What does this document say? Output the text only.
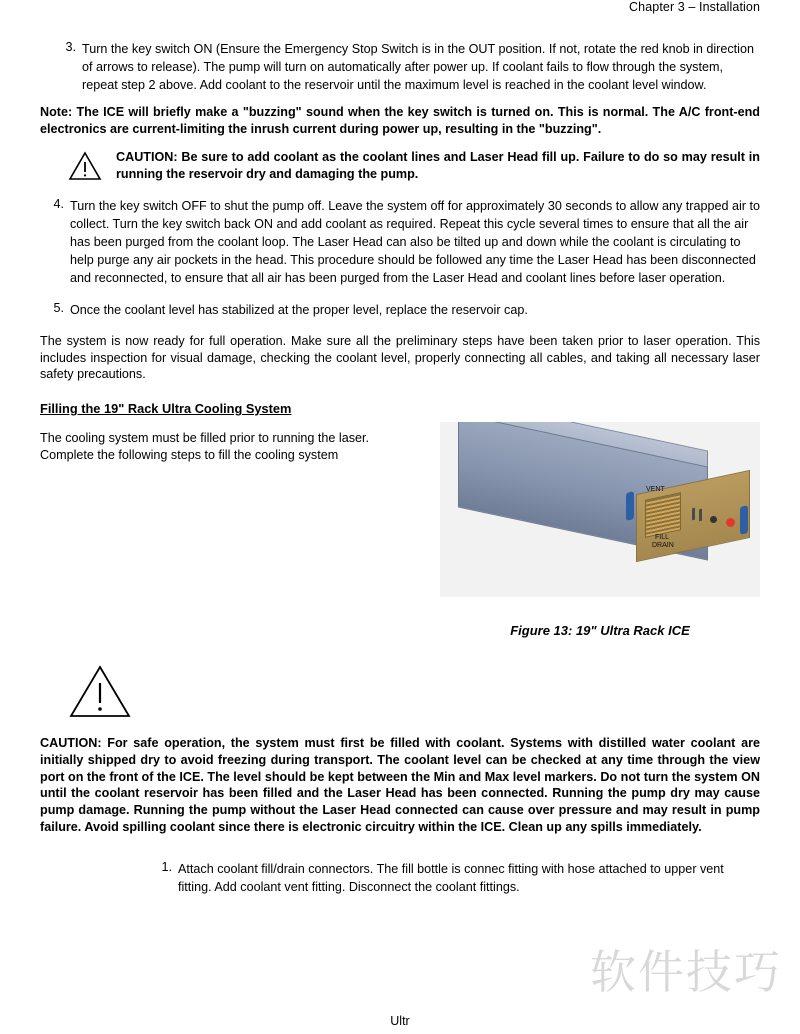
Chapter 3 – Installation
3. Turn the key switch ON (Ensure the Emergency Stop Switch is in the OUT position. If not, rotate the red knob in direction of arrows to release). The pump will turn on automatically after power up. If coolant fails to flow through the system, repeat step 2 above. Add coolant to the reservoir until the maximum level is reached in the coolant level window.
Note: The ICE will briefly make a "buzzing" sound when the key switch is turned on. This is normal. The A/C front-end electronics are current-limiting the inrush current during power up, resulting in the "buzzing".
CAUTION: Be sure to add coolant as the coolant lines and Laser Head fill up. Failure to do so may result in running the reservoir dry and damaging the pump.
4. Turn the key switch OFF to shut the pump off. Leave the system off for approximately 30 seconds to allow any trapped air to collect. Turn the key switch back ON and add coolant as required. Repeat this cycle several times to ensure that all the air has been purged from the coolant loop. The Laser Head can also be tilted up and down while the coolant is circulating to help purge any air pockets in the head. This procedure should be followed any time the Laser Head has been disconnected and reconnected, to ensure that all air has been purged from the Laser Head and coolant lines before laser operation.
5. Once the coolant level has stabilized at the proper level, replace the reservoir cap.

The system is now ready for full operation. Make sure all the preliminary steps have been taken prior to laser operation. This includes inspection for visual damage, checking the coolant level, properly connecting all cables, and taking all necessary laser safety precautions.

Filling the 19" Rack Ultra Cooling System
The cooling system must be filled prior to running the laser. Complete the following steps to fill the cooling system
VENT
FILL
DRAIN
Figure 13: 19" Ultra Rack ICE
CAUTION: For safe operation, the system must first be filled with coolant. Systems with distilled water coolant are initially shipped dry to avoid freezing during transport. The coolant level can be checked at any time through the view port on the front of the ICE. The level should be kept between the Min and Max level markers. Do not turn the system ON until the coolant reservoir has been filled and the Laser Head has been connected. Running the pump dry may cause pump damage. Running the pump without the Laser Head connected can cause over pressure and may result in pump failure. Avoid spilling coolant since there is electronic circuitry within the ICE. Clean up any spills immediately.
1. Attach coolant fill/drain connectors. The fill bottle is connec fitting with hose attached to upper vent fitting. Add coolant vent fitting. Disconnect the coolant fittings.
软件技巧
Ultr
